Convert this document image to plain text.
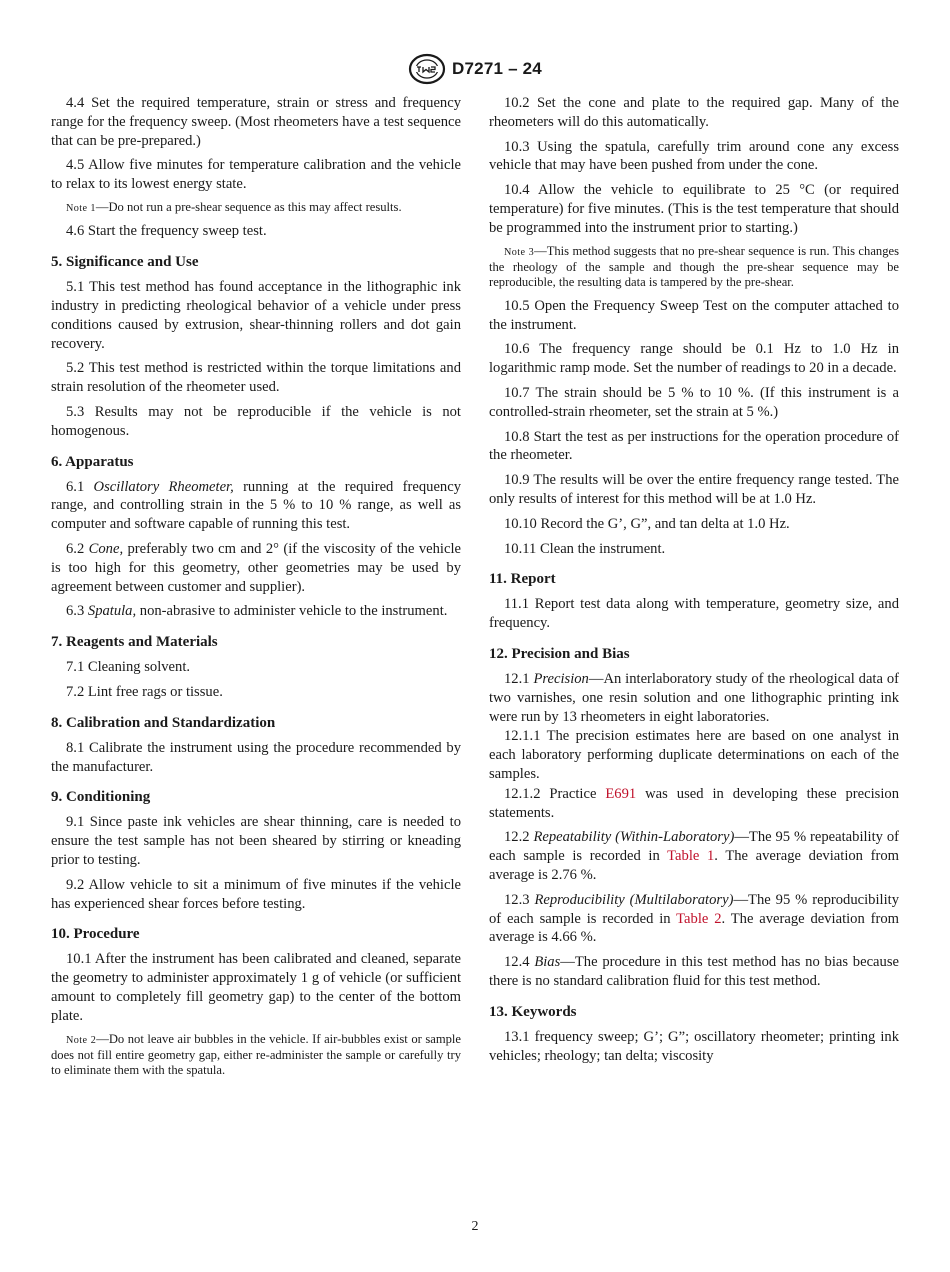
D7271 – 24

4.4 Set the required temperature, strain or stress and frequency range for the frequency sweep. (Most rheometers have a test sequence that can be pre-prepared.)

4.5 Allow five minutes for temperature calibration and the vehicle to relax to its lowest energy state.

Note 1—Do not run a pre-shear sequence as this may affect results.

4.6 Start the frequency sweep test.

5. Significance and Use

5.1 This test method has found acceptance in the lithographic ink industry in predicting rheological behavior of a vehicle under press conditions caused by extrusion, shear-thinning rollers and dot gain recovery.

5.2 This test method is restricted within the torque limitations and strain resolution of the rheometer used.

5.3 Results may not be reproducible if the vehicle is not homogenous.

6. Apparatus

6.1 Oscillatory Rheometer, running at the required frequency range, and controlling strain in the 5 % to 10 % range, as well as computer and software capable of running this test.

6.2 Cone, preferably two cm and 2° (if the viscosity of the vehicle is too high for this geometry, other geometries may be used by agreement between customer and supplier).

6.3 Spatula, non-abrasive to administer vehicle to the instrument.

7. Reagents and Materials

7.1 Cleaning solvent.

7.2 Lint free rags or tissue.

8. Calibration and Standardization

8.1 Calibrate the instrument using the procedure recommended by the manufacturer.

9. Conditioning

9.1 Since paste ink vehicles are shear thinning, care is needed to ensure the test sample has not been sheared by stirring or kneading prior to testing.

9.2 Allow vehicle to sit a minimum of five minutes if the vehicle has experienced shear forces before testing.

10. Procedure

10.1 After the instrument has been calibrated and cleaned, separate the geometry to administer approximately 1 g of vehicle (or sufficient amount to completely fill geometry gap) to the center of the bottom plate.

Note 2—Do not leave air bubbles in the vehicle. If air-bubbles exist or sample does not fill entire geometry gap, either re-administer the sample or carefully try to eliminate them with the spatula.

10.2 Set the cone and plate to the required gap. Many of the rheometers will do this automatically.

10.3 Using the spatula, carefully trim around cone any excess vehicle that may have been pushed from under the cone.

10.4 Allow the vehicle to equilibrate to 25 °C (or required temperature) for five minutes. (This is the test temperature that should be programmed into the instrument prior to starting.)

Note 3—This method suggests that no pre-shear sequence is run. This changes the rheology of the sample and though the pre-shear sequence may be reproducible, the resulting data is tampered by the pre-shear.

10.5 Open the Frequency Sweep Test on the computer attached to the instrument.

10.6 The frequency range should be 0.1 Hz to 1.0 Hz in logarithmic ramp mode. Set the number of readings to 20 in a decade.

10.7 The strain should be 5 % to 10 %. (If this instrument is a controlled-strain rheometer, set the strain at 5 %.)

10.8 Start the test as per instructions for the operation procedure of the rheometer.

10.9 The results will be over the entire frequency range tested. The only results of interest for this method will be at 1.0 Hz.

10.10 Record the G’, G”, and tan delta at 1.0 Hz.

10.11 Clean the instrument.

11. Report

11.1 Report test data along with temperature, geometry size, and frequency.

12. Precision and Bias

12.1 Precision—An interlaboratory study of the rheological data of two varnishes, one resin solution and one lithographic printing ink were run by 13 rheometers in eight laboratories.

12.1.1 The precision estimates here are based on one analyst in each laboratory performing duplicate determinations on each of the samples.

12.1.2 Practice E691 was used in developing these precision statements.

12.2 Repeatability (Within-Laboratory)—The 95 % repeatability of each sample is recorded in Table 1. The average deviation from average is 2.76 %.

12.3 Reproducibility (Multilaboratory)—The 95 % reproducibility of each sample is recorded in Table 2. The average deviation from average is 4.66 %.

12.4 Bias—The procedure in this test method has no bias because there is no standard calibration fluid for this test method.

13. Keywords

13.1 frequency sweep; G’; G”; oscillatory rheometer; printing ink vehicles; rheology; tan delta; viscosity

2
